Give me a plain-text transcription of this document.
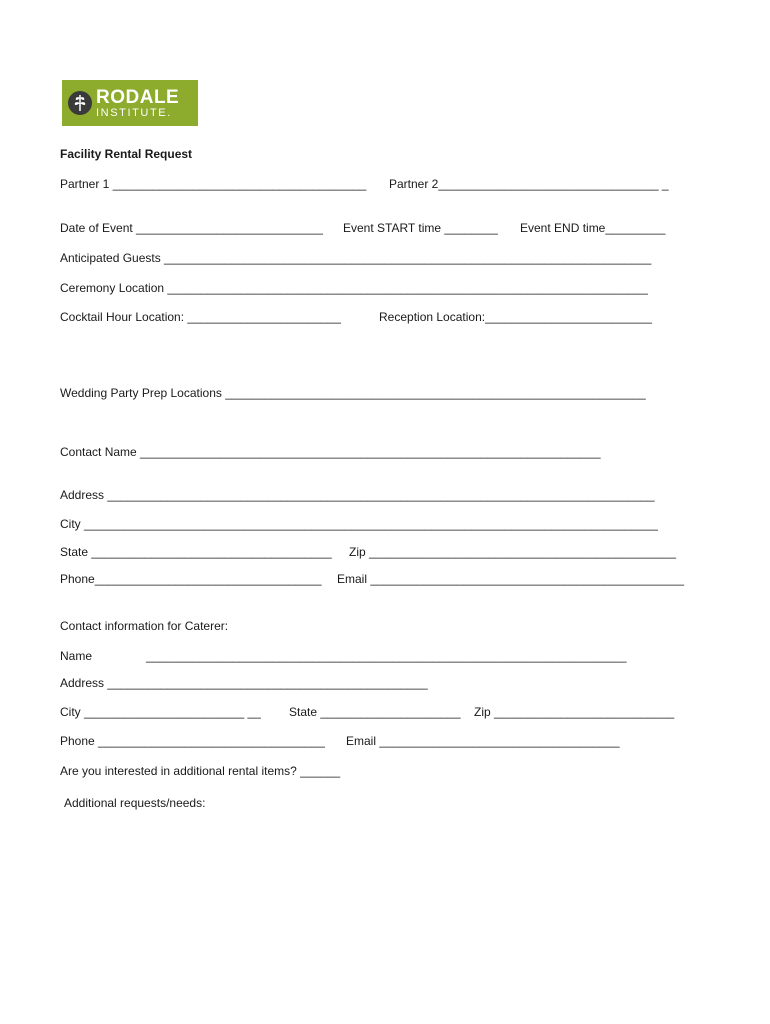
RODALE
INSTITUTE.
Facility Rental Request
Partner 1 ______________________________________ Partner 2_________________________________ _
Date of Event ____________________________ Event START time ________ Event END time_________
Anticipated Guests _________________________________________________________________________
Ceremony Location ________________________________________________________________________
Cocktail Hour Location: _______________________	Reception Location:_________________________
Wedding Party Prep Locations _______________________________________________________________
Contact Name _____________________________________________________________________
Address __________________________________________________________________________________
City ______________________________________________________________________________________
State ____________________________________ Zip ______________________________________________
Phone__________________________________ Email _______________________________________________
Contact information for Caterer:
Name	________________________________________________________________________
Address ________________________________________________
City ________________________ __ State _____________________ Zip ___________________________
Phone __________________________________ Email ____________________________________
Are you interested in additional rental items? ______
Additional requests/needs:
